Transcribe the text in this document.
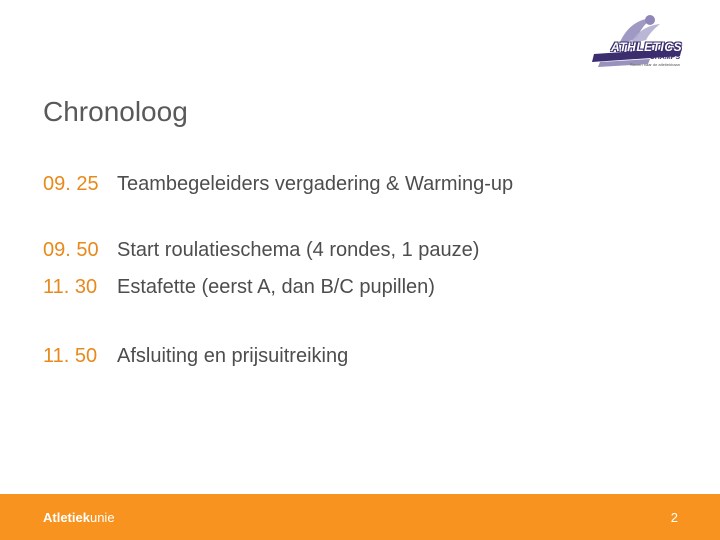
ATHLETICS
CHAMPS
Samen naar de atletiekbaan
Chronoloog
09. 25 Teambegeleiders vergadering & Warming-up
09. 50 Start roulatieschema (4 rondes, 1 pauze)
11. 30 Estafette (eerst A, dan B/C pupillen)
11. 50 Afsluiting en prijsuitreiking
Atletiekunie	2
